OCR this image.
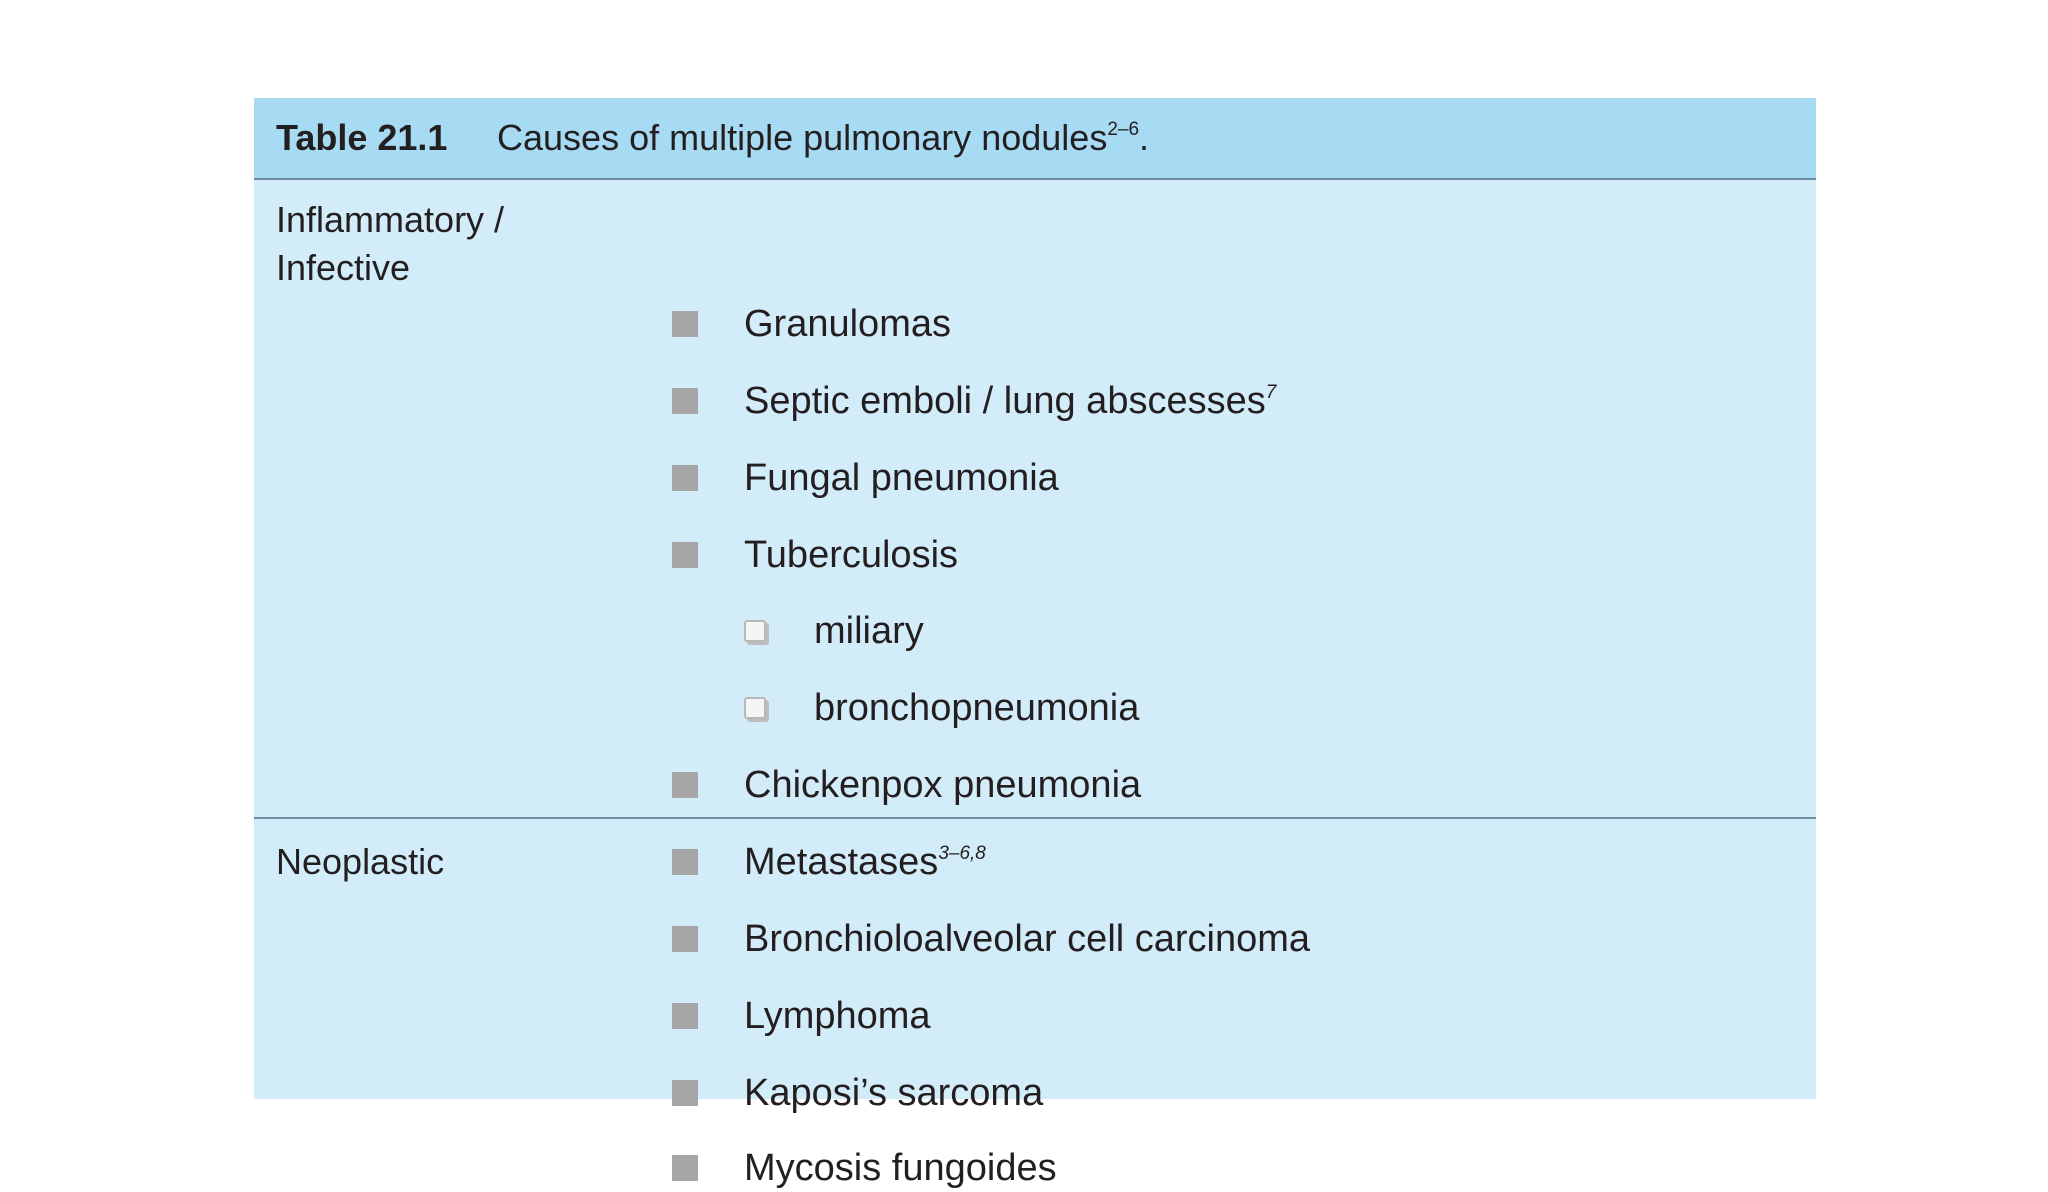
Table 21.1 Causes of multiple pulmonary nodules$^{2-6}$.
Inflammatory /
Infective
Granulomas
Septic emboli / lung abscesses$^7$
Fungal pneumonia
Tuberculosis
miliary
bronchopneumonia
Chickenpox pneumonia
Neoplastic	Metastases$^{3-6,8}$
Bronchioloalveolar cell carcinoma
Lymphoma
Kaposi’s sarcoma
Mycosis fungoides
